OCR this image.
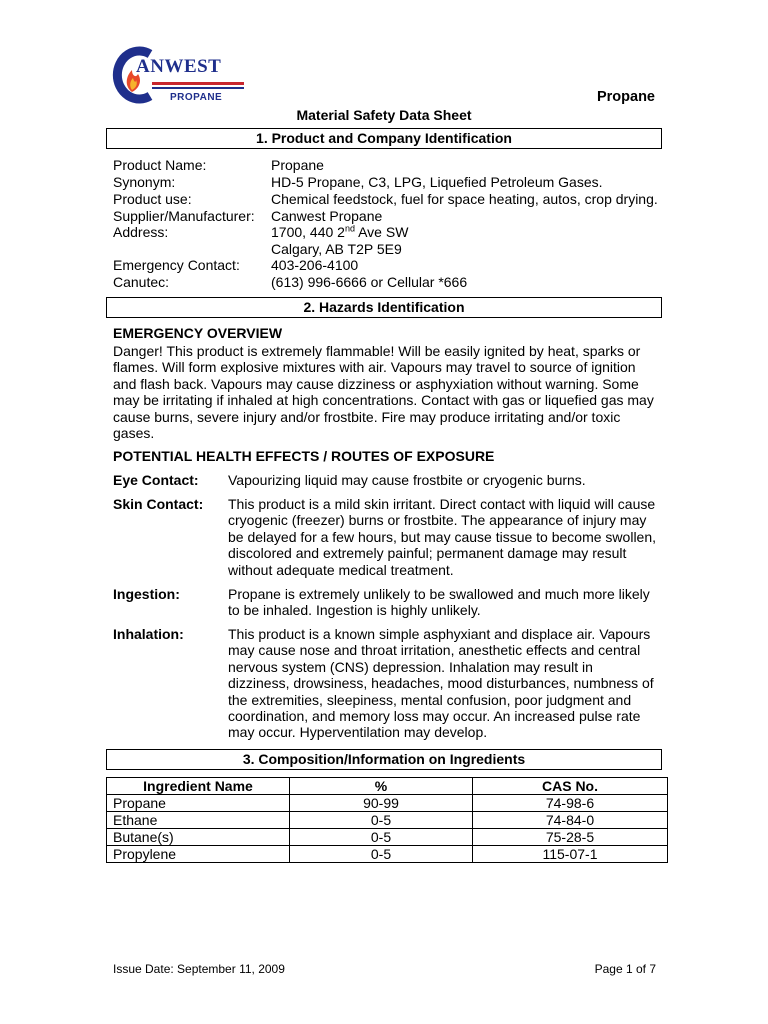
ANWEST
PROPANE	Propane
Material Safety Data Sheet
1. Product and Company Identification
Product Name:	Propane
Synonym:	HD-5 Propane, C3, LPG, Liquefied Petroleum Gases.
Product use:	Chemical feedstock, fuel for space heating, autos, crop drying.
Supplier/Manufacturer: Canwest Propane
Address:	1700, 440 2nd Ave SW
Calgary, AB T2P 5E9
Emergency Contact: 403-206-4100
Canutec:	(613) 996-6666 or Cellular *666
2. Hazards Identification
EMERGENCY OVERVIEW
Danger! This product is extremely flammable! Will be easily ignited by heat, sparks or flames. Will form explosive mixtures with air. Vapours may travel to source of ignition and flash back. Vapours may cause dizziness or asphyxiation without warning. Some may be irritating if inhaled at high concentrations. Contact with gas or liquefied gas may cause burns, severe injury and/or frostbite. Fire may produce irritating and/or toxic gases.
POTENTIAL HEALTH EFFECTS / ROUTES OF EXPOSURE
Eye Contact: Vapourizing liquid may cause frostbite or cryogenic burns.
Skin Contact: This product is a mild skin irritant. Direct contact with liquid will cause cryogenic (freezer) burns or frostbite. The appearance of injury may be delayed for a few hours, but may cause tissue to become swollen, discolored and extremely painful; permanent damage may result without adequate medical treatment.
Ingestion:	Propane is extremely unlikely to be swallowed and much more likely to be inhaled. Ingestion is highly unlikely.
Inhalation:	This product is a known simple asphyxiant and displace air. Vapours may cause nose and throat irritation, anesthetic effects and central nervous system (CNS) depression. Inhalation may result in dizziness, drowsiness, headaches, mood disturbances, numbness of the extremities, sleepiness, mental confusion, poor judgment and coordination, and memory loss may occur. An increased pulse rate may occur. Hyperventilation may develop.
3. Composition/Information on Ingredients
Ingredient Name	%	CAS No.
Propane	90-99	74-98-6
Ethane	0-5	74-84-0
Butane(s)	0-5	75-28-5
Propylene	0-5	115-07-1
Issue Date: September 11, 2009	Page 1 of 7
